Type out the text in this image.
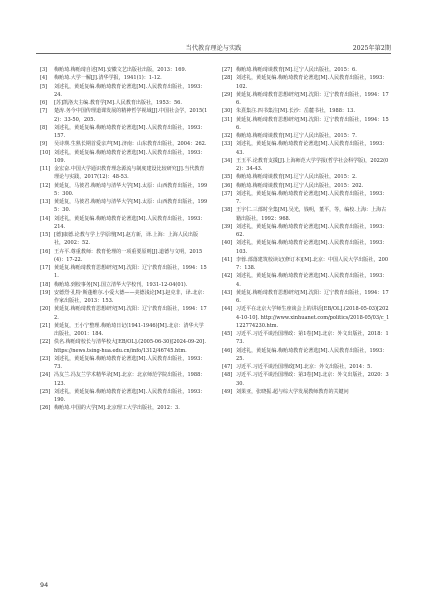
当代教育理论与实践	2025年第2期
[3] 梅贻琦.梅贻琦自述[M].安徽文艺出版社出版，2013：169.
[4] 梅贻琦.大学一解[J].清华学报，1941(1)：1-12.
[5] 刘述礼，黄延复编.梅贻琦教育论著选[M].人民教育出版社，1993：24.
[6] [苏]凯洛夫主编.教育学[M].人民教育出版社，1953：56.
[7] 楚涛.务今中国传理道课发展的精神哲学视域[J].中国社会学，2015(12)：33-50，205.
[8] 刘述礼，黄延复编.梅贻琦教育论著选[M].人民教育出版社，1993：157.
[9] 吴诗瑛.生熟长期首爱亲声[M].济南：山东教育出版社，2004：262.
[10] 刘述礼，黄延复编.梅贻琦教育论著选[M].人民教育出版社，1993：109.
[11] 金宏奋.中国大学通识教育理念源流与制度建设比较研究[J].当代教育理论与实践，2017(12)：48-53.
[12] 黄延复，马彼君.梅贻琦与清华大学[M].太原：山西教育出版社，1995：300.
[13] 黄延复，马彼君.梅贻琦与清华大学[M].太原：山西教育出版社，1995：30.
[14] 刘述礼，黄延复编.梅贻琦教育论著选[M].人民教育出版社，1993：214.
[15] [德]康德.论教与学上学原理[M].赵方新，译.上海：上海人民出版社，2002：52.
[16] 王卉平.尊重教师：教育伦理的一项重要原则[J].道德与文明，2015(4)：17-22.
[17] 黄延复.梅贻琦教育思想研究[M].沈阳：辽宁教育出版社，1994：151.
[18] 梅贻琦.到校事务[N].国立清华大学校刊，1931-12-04(01).
[19] 安德烈·孔特·斯蓬维尔.小爱大德——美德浅论[M].赵克非，译.北京：作家出版社，2013：153.
[20] 黄延复.梅贻琦教育思想研究[M].沈阳：辽宁教育出版社，1994：172.
[21] 黄延复，王小宁整理.梅贻琦日记(1941-1946)[M].北京：清华大学出版社，2001：184.
[22] 佚名.梅贻琦校长与清华校大[EB/OL].(2005-06-30)[2024-09-20].https://news.tsing-hua.edu.cn/info/1312/46745.htm.
[23] 刘述礼，黄延复编.梅贻琦教育论著选[M].人民教育出版社，1993：73.
[24] 冯友兰.冯友兰学术精华录[M].北京：北京师范学院出版社，1988：123.
[25] 刘述礼，黄延复编.梅贻琦教育论著选[M].人民教育出版社，1993：190.
[26] 梅贻琦.中国的大学[M].北京理工大学出版社，2012：3.
[27] 梅贻琦.梅贻琦谈教育[M].辽宁人民出版社，2015：6.
[28] 刘述礼，黄延复编.梅贻琦教育论著选[M].人民教育出版社，1993：102.
[29] 黄延复.梅贻琦教育思想研究[M].沈阳：辽宁教育出版社，1994：176.
[30] 朱熹集注.四书集注[M].长沙：岳麓书社，1988：13.
[31] 黄延复.梅贻琦教育思想研究[M].沈阳：辽宁教育出版社，1994：156.
[32] 梅贻琦.梅贻琦谈教育[M].辽宁人民出版社，2015：7.
[33] 刘述礼，黄延复编.梅贻琦教育论著选[M].人民教育出版社，1993：43.
[34] 王玉平.论教育支援[J].上海师范大学学报(哲学社会科学版)，2022(02)：34-43.
[35] 梅贻琦.梅贻琦谈教育[M].辽宁人民出版社，2015：2.
[36] 梅贻琦.梅贻琦谈教育[M].辽宁人民出版社，2015：202.
[37] 刘述礼，黄延复编.梅贻琦教育论著选[M].人民教育出版社，1993：7.
[38] 王宇仁.三部时全集[M].吴光，钱明，董平，等，编校.上海：上海古籍出版社，1992：968.
[39] 刘述礼，黄延复编.梅贻琦教育论著选[M].人民教育出版社，1993：62.
[40] 刘述礼，黄延复编.梅贻琦教育论著选[M].人民教育出版社，1993：103.
[41] 李蓉.部落建筑校读记(修订本)[M].北京：中国人民大学出版社，2007：138.
[42] 刘述礼，黄延复编.梅贻琦教育论著选[M].人民教育出版社，1993：4.
[43] 黄延复.梅贻琦教育思想研究[M].沈阳：辽宁教育出版社，1994：176.
[44] 习近平在北京大学师生座谈会上的讲话[EB/OL].(2018-05-03)[2024-10-10]. http://www.xinhuanet.com/politics/2018-05/03/c_1122774230.htm.
[45] 习近平.习近平谈治国理政：第1卷[M].北京：外文出版社，2018：173.
[46] 刘述礼，黄延复编.梅贻琦教育论著选[M].人民教育出版社，1993：25.
[47] 习近平.习近平谈治国理政[M].北京：外文出版社，2014：5.
[48] 习近平.习近平谈治国理政：第3卷[M].北京：外文出版社，2020：330.
[49] 刘果亚，张晓振.超与综大学发展教师教育的关键问
94
